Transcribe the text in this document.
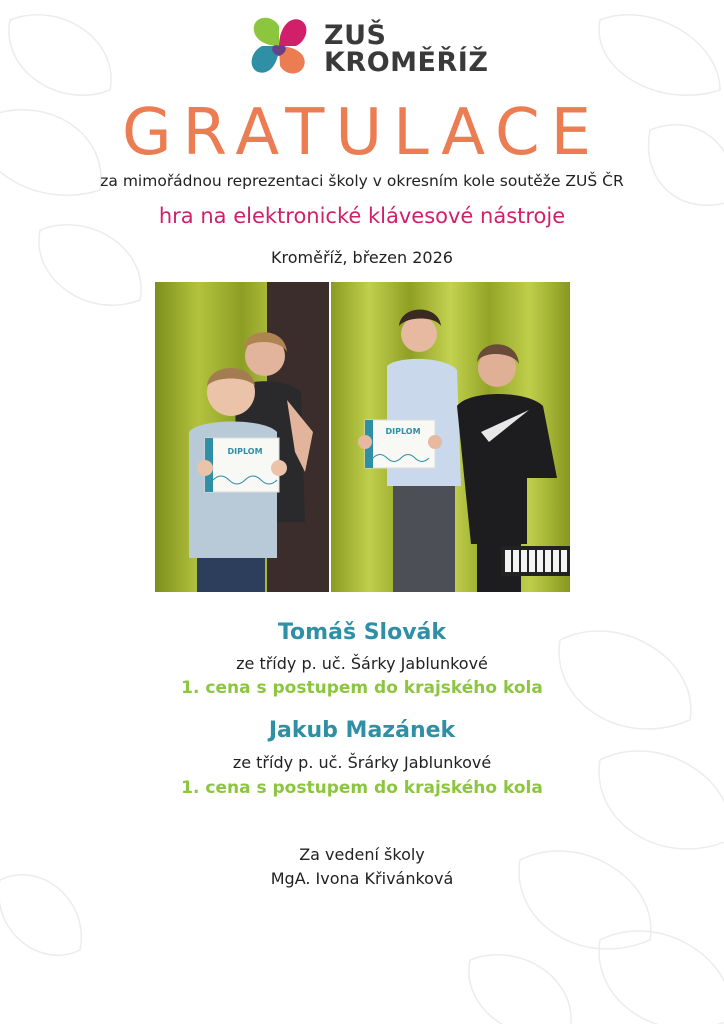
ZUŠ
KROMĚŘÍŽ
GRATULACE
za mimořádnou reprezentaci školy v okresním kole soutěže ZUŠ ČR
hra na elektronické klávesové nástroje
Kroměříž, březen 2026
DIPLOM
DIPLOM
Tomáš Slovák
ze třídy p. uč. Šárky Jablunkové
1. cena s postupem do krajského kola
Jakub Mazánek
ze třídy p. uč. Šrárky Jablunkové
1. cena s postupem do krajského kola
Za vedení školy
MgA. Ivona Křivánková
